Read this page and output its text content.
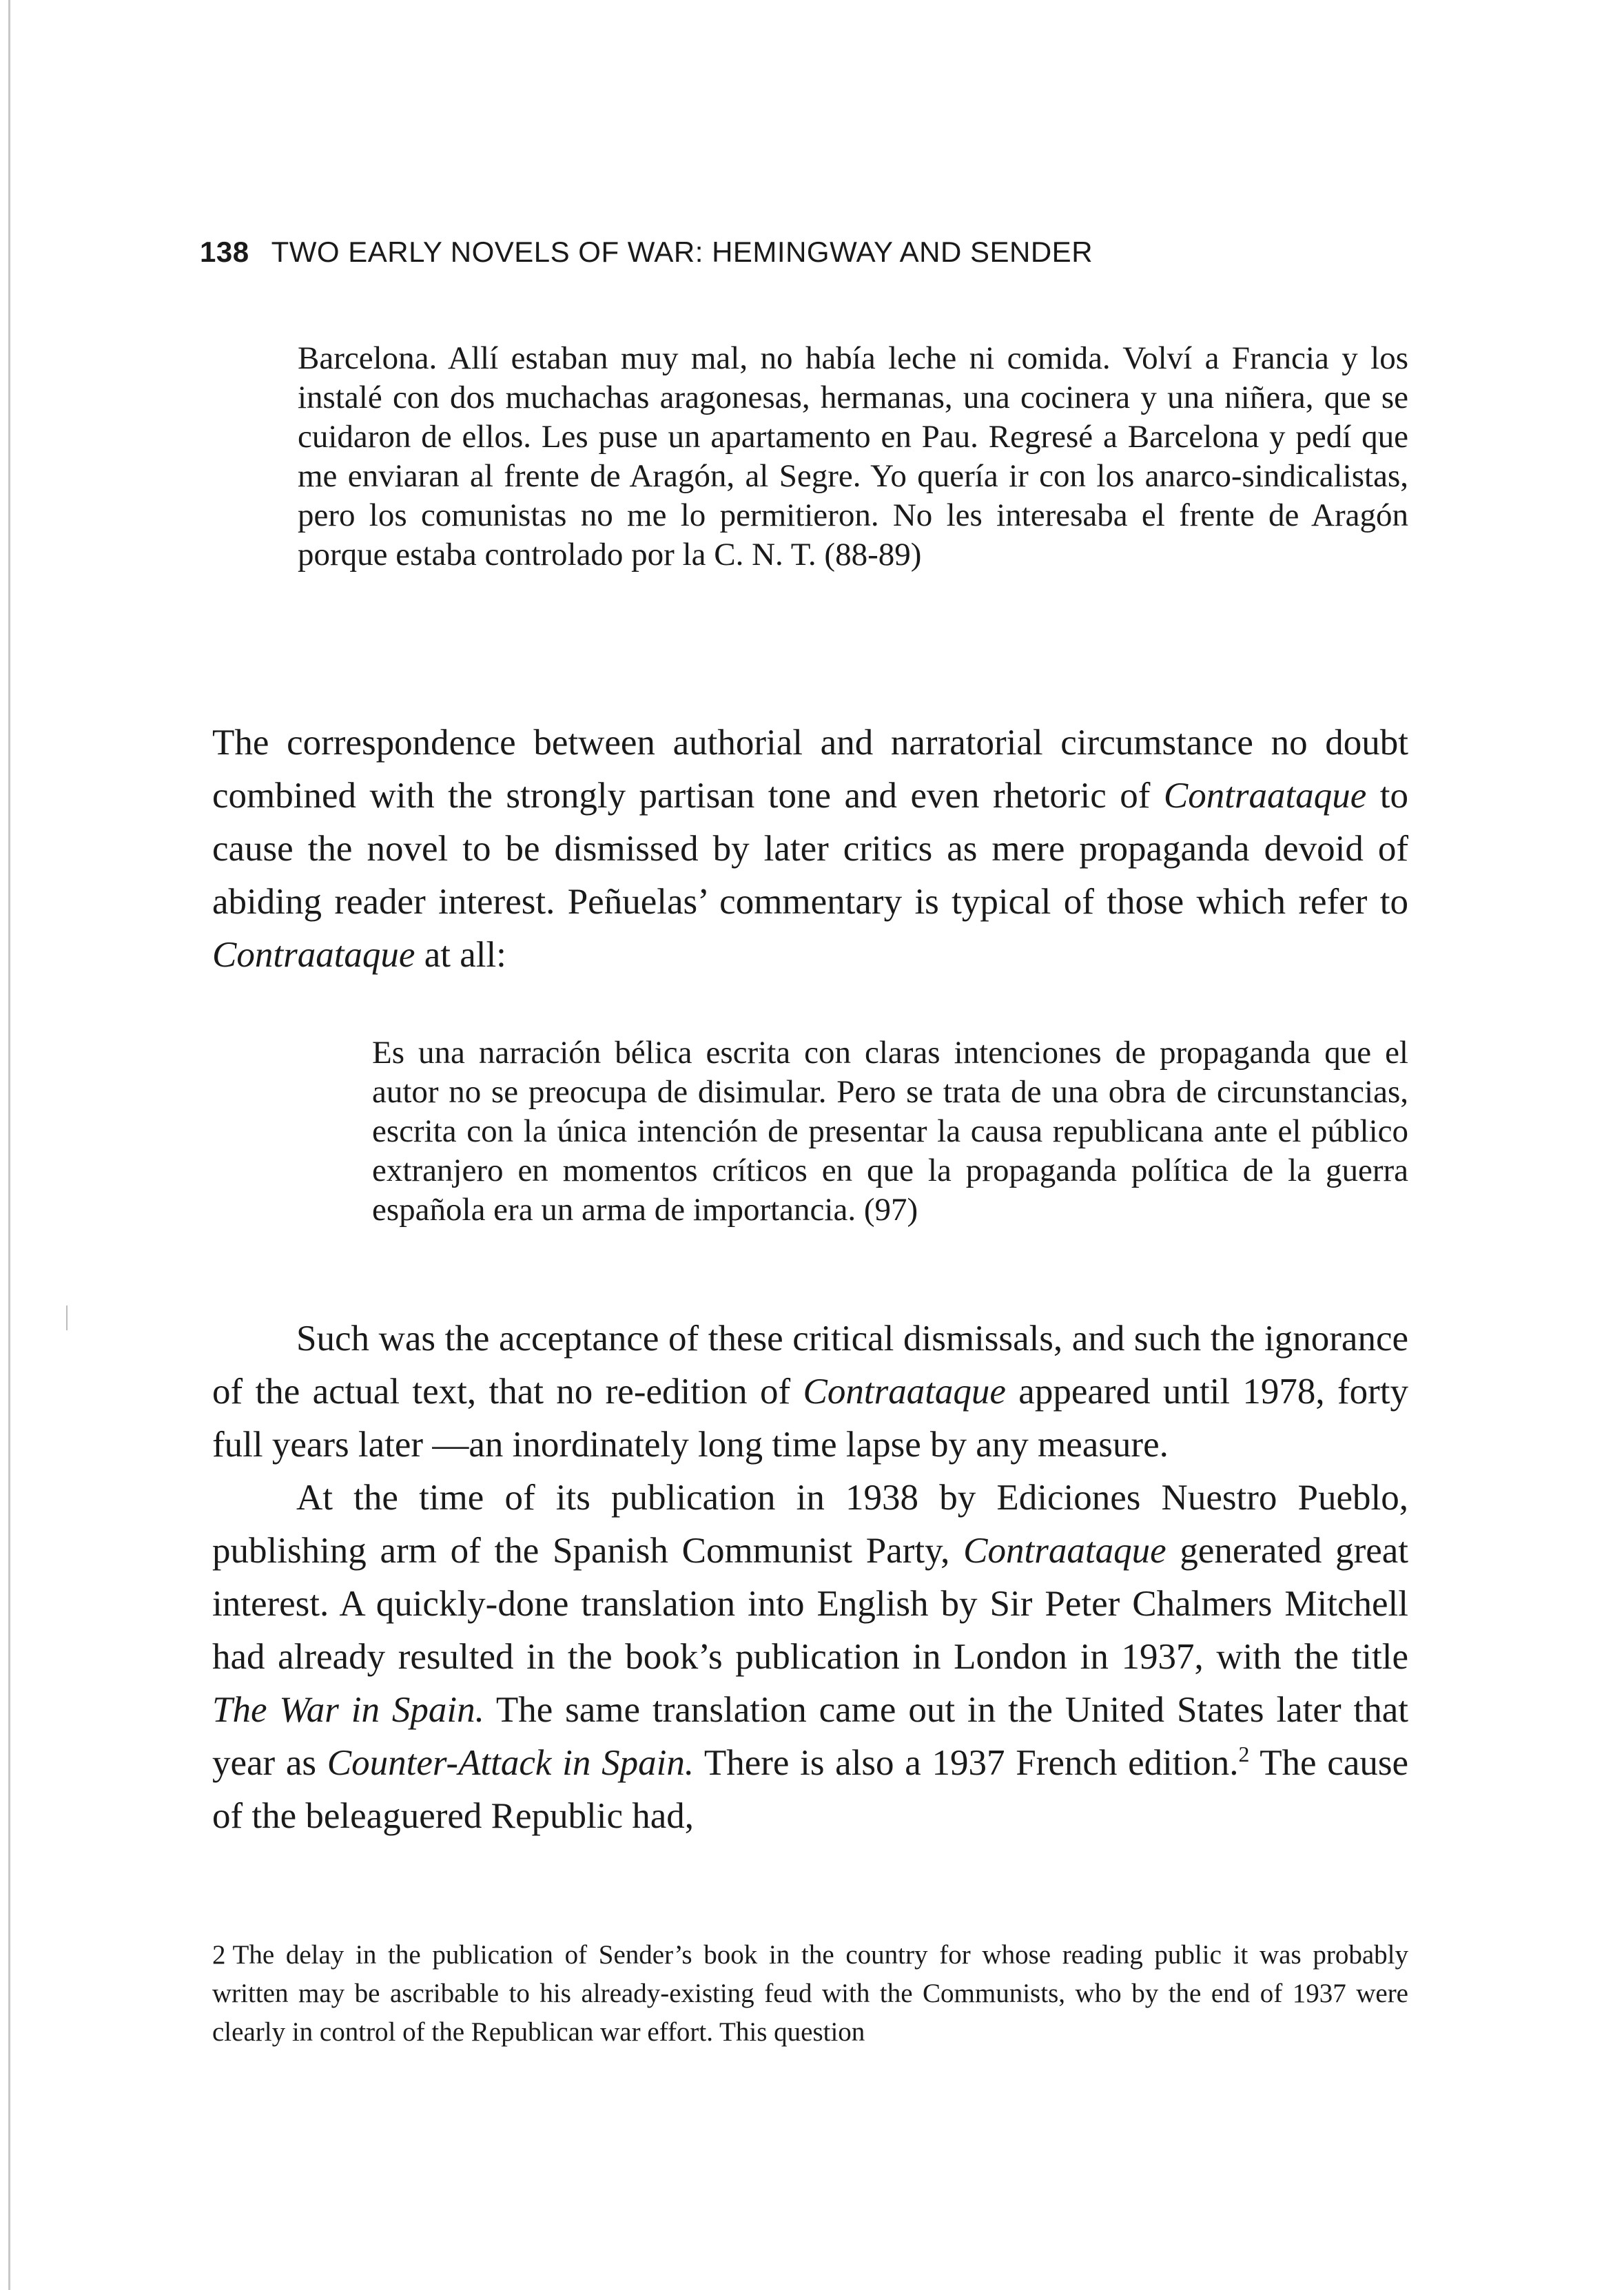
138 TWO EARLY NOVELS OF WAR: HEMINGWAY AND SENDER

Barcelona. Allí estaban muy mal, no había leche ni comida. Volví a Francia y los instalé con dos muchachas aragonesas, hermanas, una cocinera y una niñera, que se cuidaron de ellos. Les puse un apartamento en Pau. Regresé a Barcelona y pedí que me enviaran al frente de Aragón, al Segre. Yo quería ir con los anarco-sindicalistas, pero los comunistas no me lo permitieron. No les interesaba el frente de Aragón porque estaba controlado por la C. N. T. (88-89)

The correspondence between authorial and narratorial circumstance no doubt combined with the strongly partisan tone and even rhetoric of Contraataque to cause the novel to be dismissed by later critics as mere propaganda devoid of abiding reader interest. Peñuelas’ commentary is typical of those which refer to Contraataque at all:

Es una narración bélica escrita con claras intenciones de propaganda que el autor no se preocupa de disimular. Pero se trata de una obra de circunstancias, escrita con la única intención de presentar la causa republicana ante el público extranjero en momentos críticos en que la propaganda política de la guerra española era un arma de importancia. (97)

Such was the acceptance of these critical dismissals, and such the ignorance of the actual text, that no re-edition of Contraataque appeared until 1978, forty full years later —an inordinately long time lapse by any measure.

At the time of its publication in 1938 by Ediciones Nuestro Pueblo, publishing arm of the Spanish Communist Party, Contraataque generated great interest. A quickly-done translation into English by Sir Peter Chalmers Mitchell had already resulted in the book’s publication in London in 1937, with the title The War in Spain. The same translation came out in the United States later that year as Counter-Attack in Spain. There is also a 1937 French edition.$^2$ The cause of the beleaguered Republic had,

2 The delay in the publication of Sender’s book in the country for whose reading public it was probably written may be ascribable to his already-existing feud with the Communists, who by the end of 1937 were clearly in control of the Republican war effort. This question
